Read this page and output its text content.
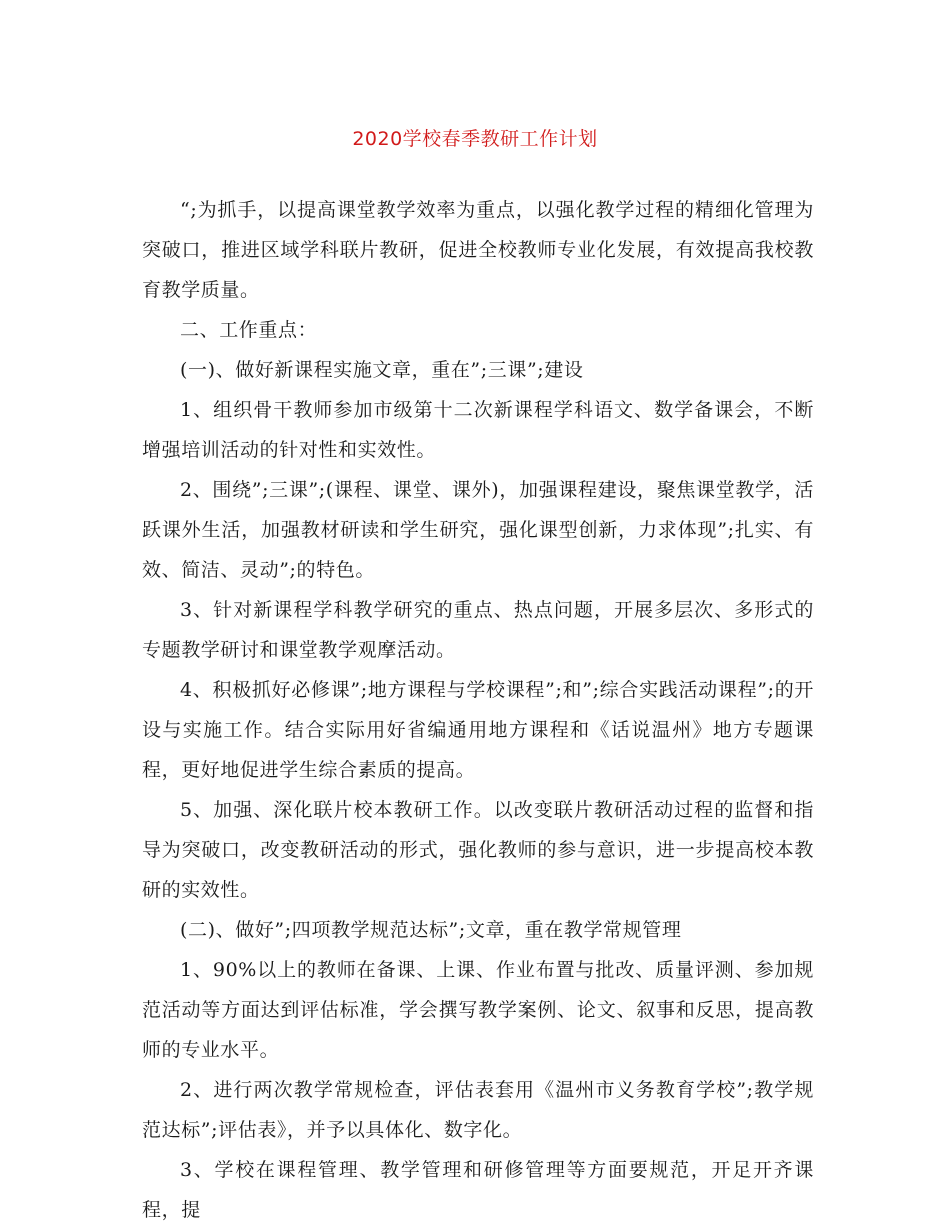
2020学校春季教研工作计划

“;为抓手，以提高课堂教学效率为重点，以强化教学过程的精细化管理为突破口，推进区域学科联片教研，促进全校教师专业化发展，有效提高我校教育教学质量。

二、工作重点：

(一)、做好新课程实施文章，重在”;三课”;建设

1、组织骨干教师参加市级第十二次新课程学科语文、数学备课会，不断增强培训活动的针对性和实效性。

2、围绕”;三课”;(课程、课堂、课外)，加强课程建设，聚焦课堂教学，活跃课外生活，加强教材研读和学生研究，强化课型创新，力求体现”;扎实、有效、简洁、灵动”;的特色。

3、针对新课程学科教学研究的重点、热点问题，开展多层次、多形式的专题教学研讨和课堂教学观摩活动。

4、积极抓好必修课”;地方课程与学校课程”;和”;综合实践活动课程”;的开设与实施工作。结合实际用好省编通用地方课程和《话说温州》地方专题课程，更好地促进学生综合素质的提高。

5、加强、深化联片校本教研工作。以改变联片教研活动过程的监督和指导为突破口，改变教研活动的形式，强化教师的参与意识，进一步提高校本教研的实效性。

(二)、做好”;四项教学规范达标”;文章，重在教学常规管理

1、90%以上的教师在备课、上课、作业布置与批改、质量评测、参加规范活动等方面达到评估标准，学会撰写教学案例、论文、叙事和反思，提高教师的专业水平。

2、进行两次教学常规检查，评估表套用《温州市义务教育学校”;教学规范达标”;评估表》，并予以具体化、数字化。

3、学校在课程管理、教学管理和研修管理等方面要规范，开足开齐课程，提
